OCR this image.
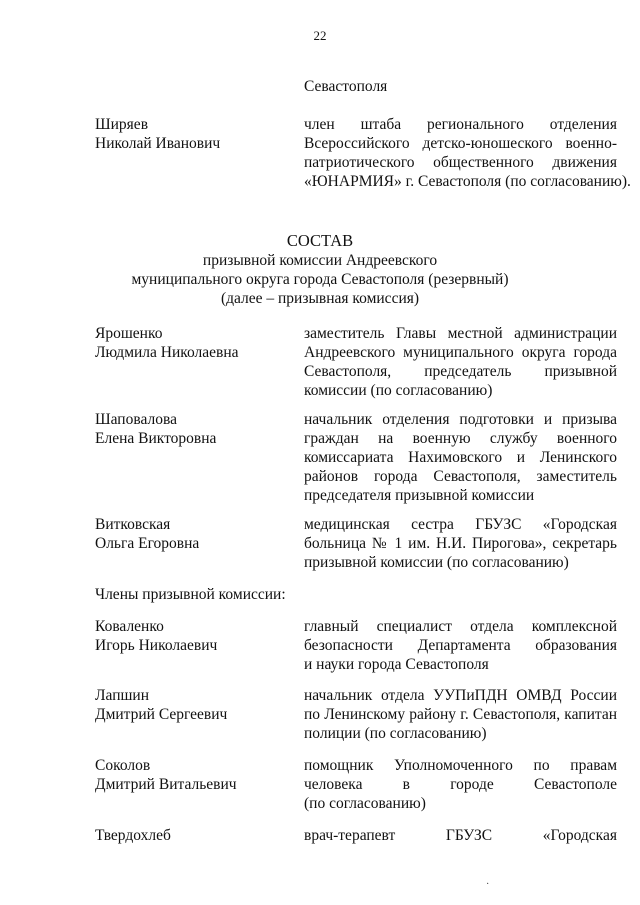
22
Севастополя
Ширяев
Николай Иванович
член штаба регионального отделения
Всероссийского детско-юношеского военно-
патриотического общественного движения
«ЮНАРМИЯ» г. Севастополя (по согласованию).
СОСТАВ
призывной комиссии Андреевского
муниципального округа города Севастополя (резервный)
(далее – призывная комиссия)
Ярошенко
Людмила Николаевна
заместитель Главы местной администрации
Андреевского муниципального округа города
Севастополя, председатель призывной
комиссии (по согласованию)
Шаповалова
Елена Викторовна
начальник отделения подготовки и призыва
граждан на военную службу военного
комиссариата Нахимовского и Ленинского
районов города Севастополя, заместитель
председателя призывной комиссии
Витковская
Ольга Егоровна
медицинская сестра ГБУЗС «Городская
больница № 1 им. Н.И. Пирогова», секретарь
призывной комиссии (по согласованию)
Члены призывной комиссии:
Коваленко
Игорь Николаевич
главный специалист отдела комплексной
безопасности Департамента образования
и науки города Севастополя
Лапшин
Дмитрий Сергеевич
начальник отдела УУПиПДН ОМВД России
по Ленинскому району г. Севастополя, капитан
полиции (по согласованию)
Соколов
Дмитрий Витальевич
помощник Уполномоченного по правам
человека в городе Севастополе
(по согласованию)
Твердохлеб	врач-терапевт ГБУЗС «Городская
·
